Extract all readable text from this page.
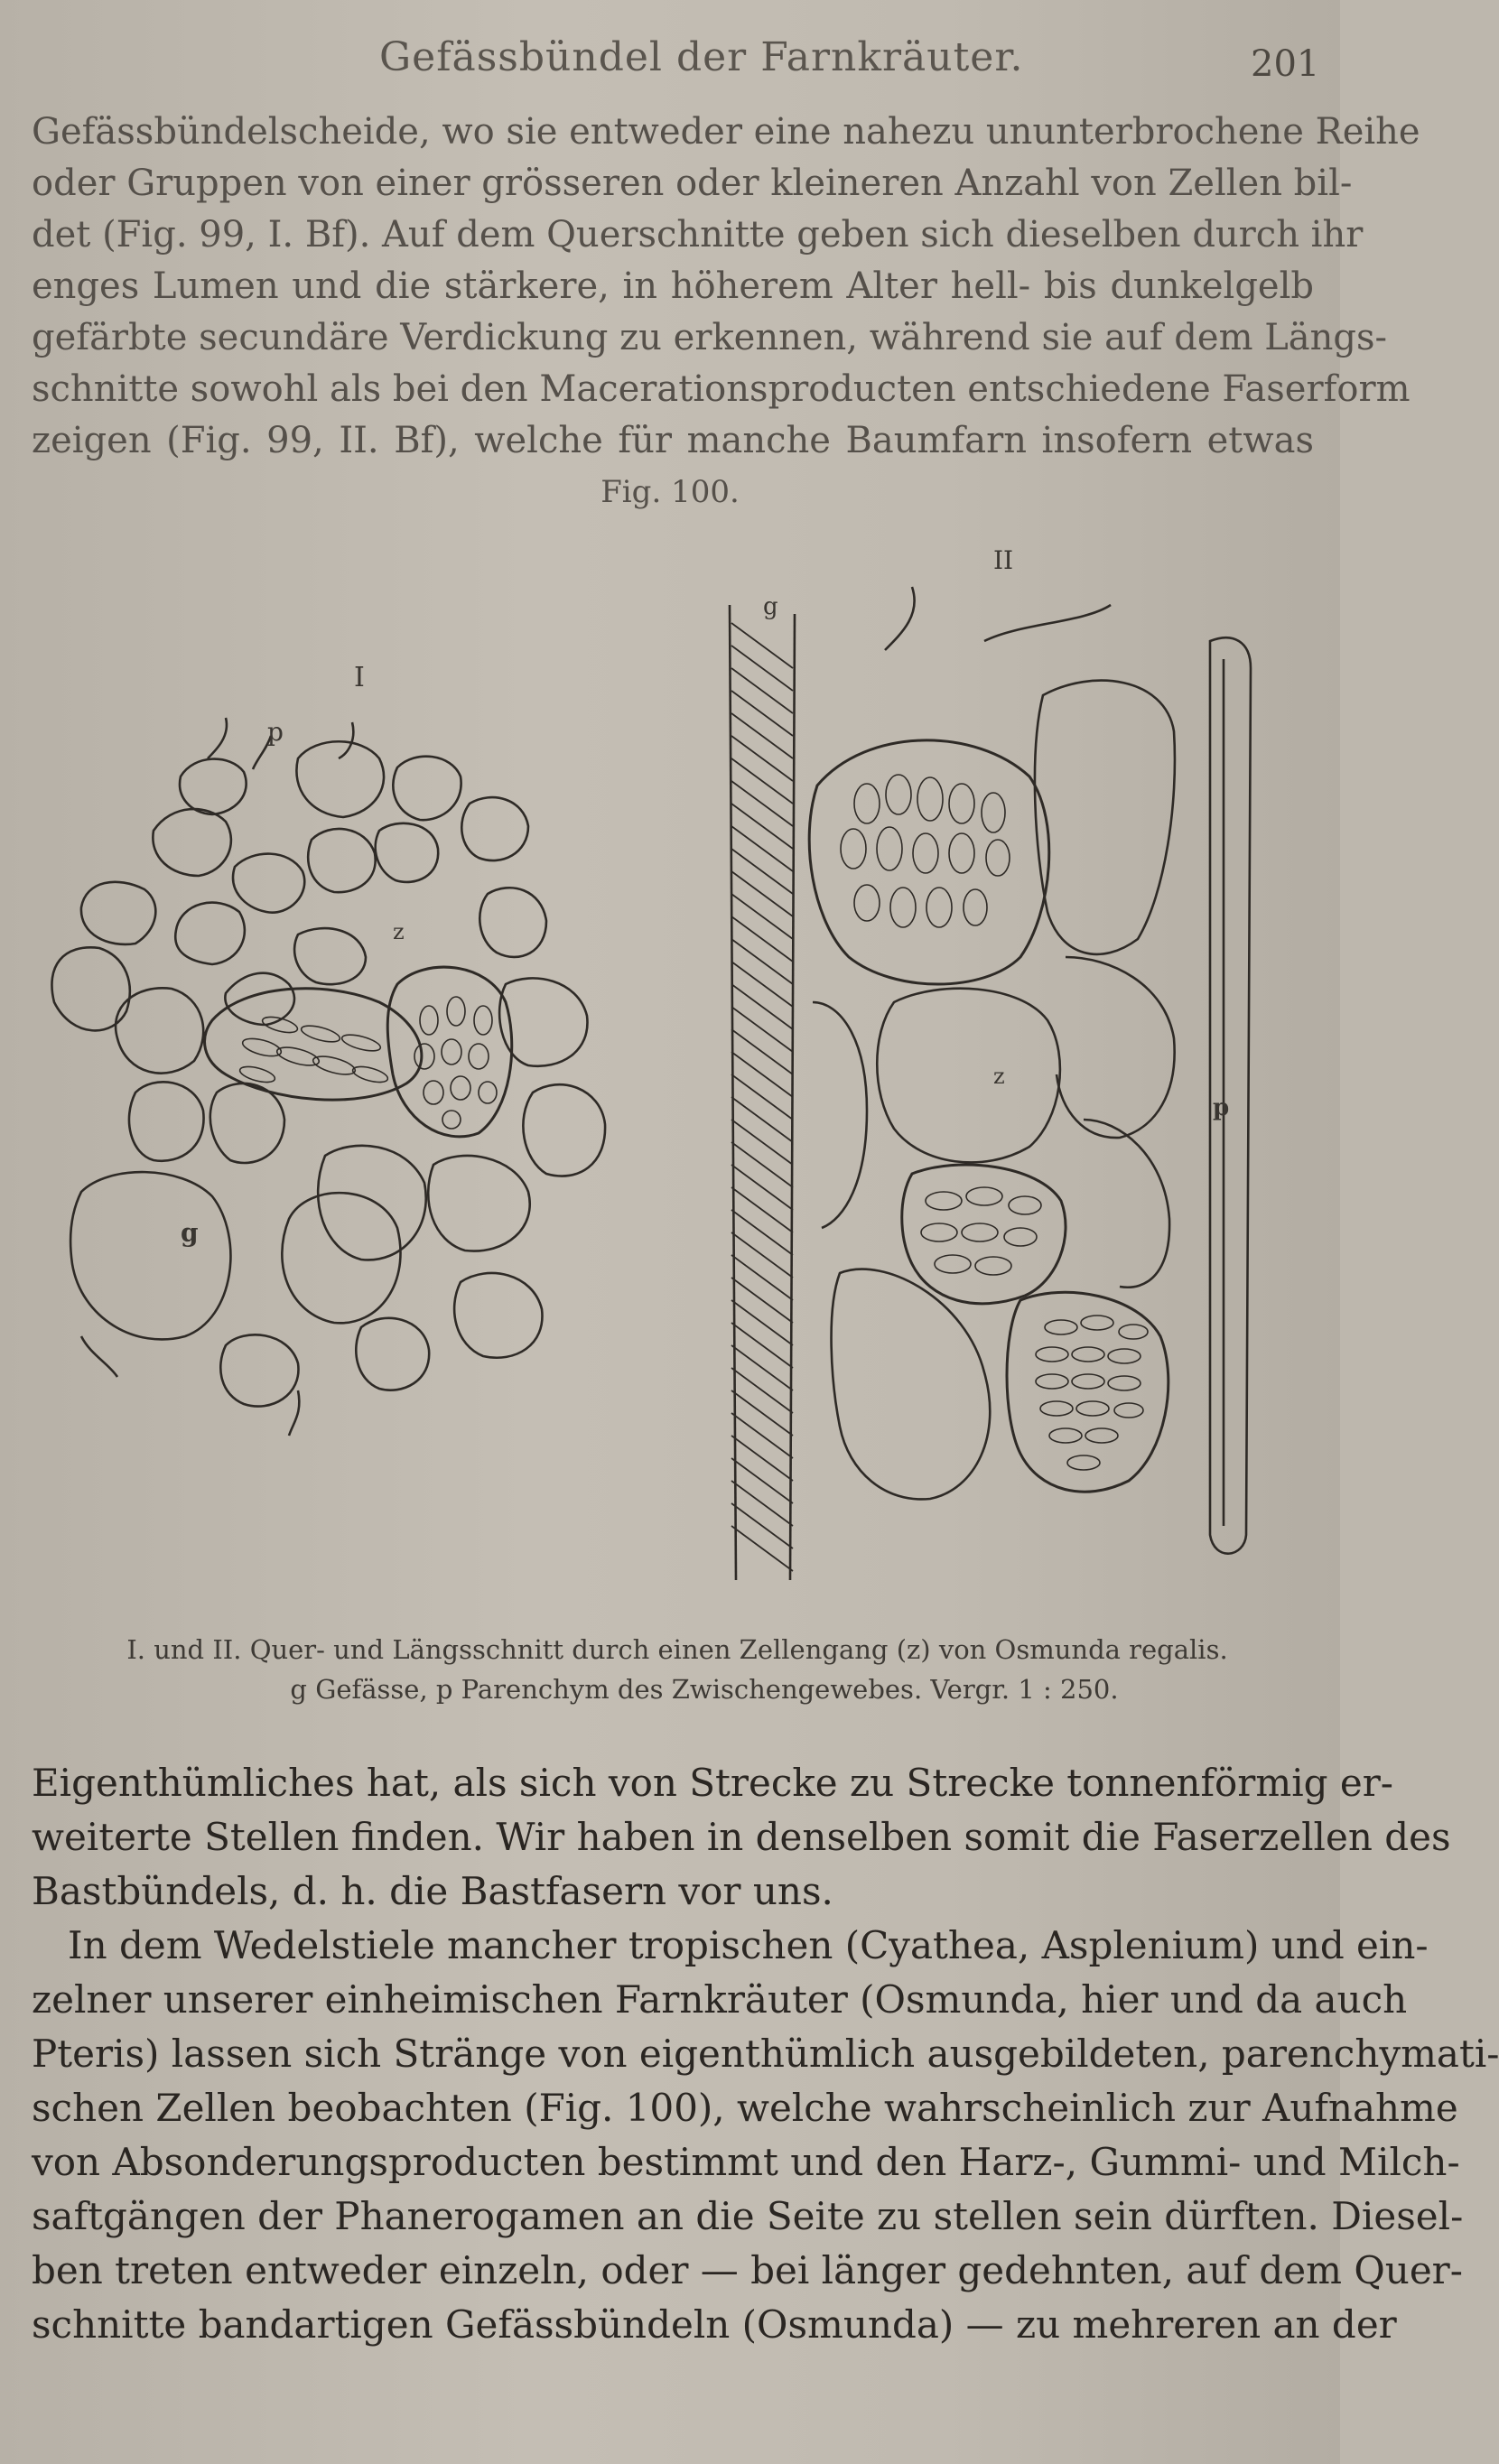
Gefässbündel der Farnkräuter.	201

Gefässbündelscheide, wo sie entweder eine nahezu ununterbrochene Reihe
oder Gruppen von einer grösseren oder kleineren Anzahl von Zellen bil-
det (Fig. 99, I. Bf). Auf dem Querschnitte geben sich dieselben durch ihr
enges Lumen und die stärkere, in höherem Alter hell- bis dunkelgelb
gefärbte secundäre Verdickung zu erkennen, während sie auf dem Längs-
schnitte sowohl als bei den Macerationsproducten entschiedene Faserform
zeigen (Fig. 99, II. Bf), welche für manche Baumfarn insofern etwas

Fig. 100.
I
p
z
g
II
g
z
p
I. und II. Quer- und Längsschnitt durch einen Zellengang (z) von Osmunda regalis.
g Gefässe, p Parenchym des Zwischengewebes. Vergr. 1 : 250.

Eigenthümliches hat, als sich von Strecke zu Strecke tonnenförmig er-
weiterte Stellen finden. Wir haben in denselben somit die Faserzellen des
Bastbündels, d. h. die Bastfasern vor uns.
In dem Wedelstiele mancher tropischen (Cyathea, Asplenium) und ein-
zelner unserer einheimischen Farnkräuter (Osmunda, hier und da auch
Pteris) lassen sich Stränge von eigenthümlich ausgebildeten, parenchymati-
schen Zellen beobachten (Fig. 100), welche wahrscheinlich zur Aufnahme
von Absonderungsproducten bestimmt und den Harz-, Gummi- und Milch-
saftgängen der Phanerogamen an die Seite zu stellen sein dürften. Diesel-
ben treten entweder einzeln, oder — bei länger gedehnten, auf dem Quer-
schnitte bandartigen Gefässbündeln (Osmunda) — zu mehreren an der
